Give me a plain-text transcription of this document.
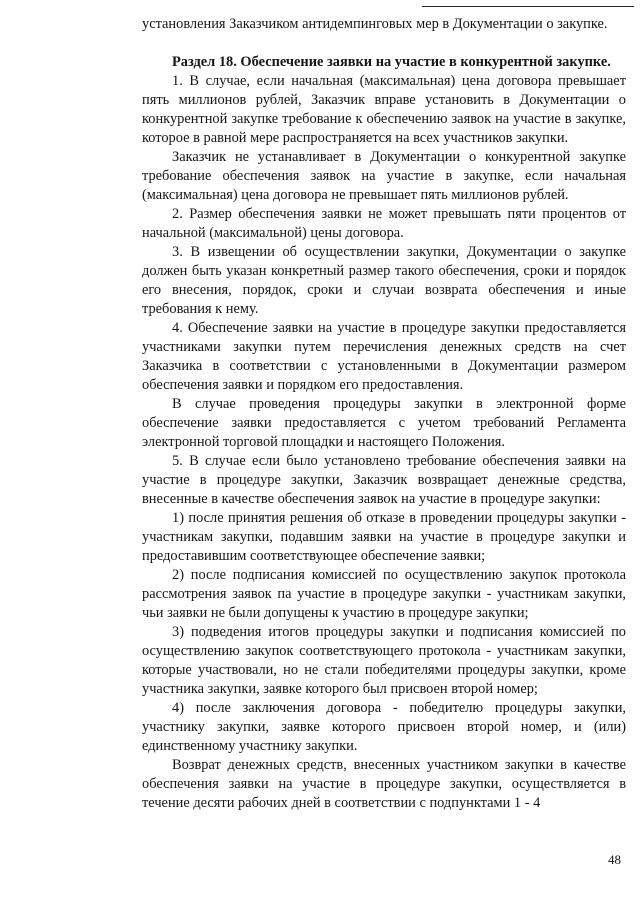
установления Заказчиком антидемпинговых мер в Документации о закупке.

Раздел 18. Обеспечение заявки на участие в конкурентной закупке.

1. В случае, если начальная (максимальная) цена договора превышает пять миллионов рублей, Заказчик вправе установить в Документации о конкурентной закупке требование к обеспечению заявок на участие в закупке, которое в равной мере распространяется на всех участников закупки.

Заказчик не устанавливает в Документации о конкурентной закупке требование обеспечения заявок на участие в закупке, если начальная (максимальная) цена договора не превышает пять миллионов рублей.

2. Размер обеспечения заявки не может превышать пяти процентов от начальной (максимальной) цены договора.

3. В извещении об осуществлении закупки, Документации о закупке должен быть указан конкретный размер такого обеспечения, сроки и порядок его внесения, порядок, сроки и случаи возврата обеспечения и иные требования к нему.

4. Обеспечение заявки на участие в процедуре закупки предоставляется участниками закупки путем перечисления денежных средств на счет Заказчика в соответствии с установленными в Документации размером обеспечения заявки и порядком его предоставления.

В случае проведения процедуры закупки в электронной форме обеспечение заявки предоставляется с учетом требований Регламента электронной торговой площадки и настоящего Положения.

5. В случае если было установлено требование обеспечения заявки на участие в процедуре закупки, Заказчик возвращает денежные средства, внесенные в качестве обеспечения заявок на участие в процедуре закупки:

1) после принятия решения об отказе в проведении процедуры закупки - участникам закупки, подавшим заявки на участие в процедуре закупки и предоставившим соответствующее обеспечение заявки;

2) после подписания комиссией по осуществлению закупок протокола рассмотрения заявок па участие в процедуре закупки - участникам закупки, чьи заявки не были допущены к участию в процедуре закупки;

3) подведения итогов процедуры закупки и подписания комиссией по осуществлению закупок соответствующего протокола - участникам закупки, которые участвовали, но не стали победителями процедуры закупки, кроме участника закупки, заявке которого был присвоен второй номер;

4) после заключения договора - победителю процедуры закупки, участнику закупки, заявке которого присвоен второй номер, и (или) единственному участнику закупки.

Возврат денежных средств, внесенных участником закупки в качестве обеспечения заявки на участие в процедуре закупки, осуществляется в течение десяти рабочих дней в соответствии с подпунктами 1 - 4

48
